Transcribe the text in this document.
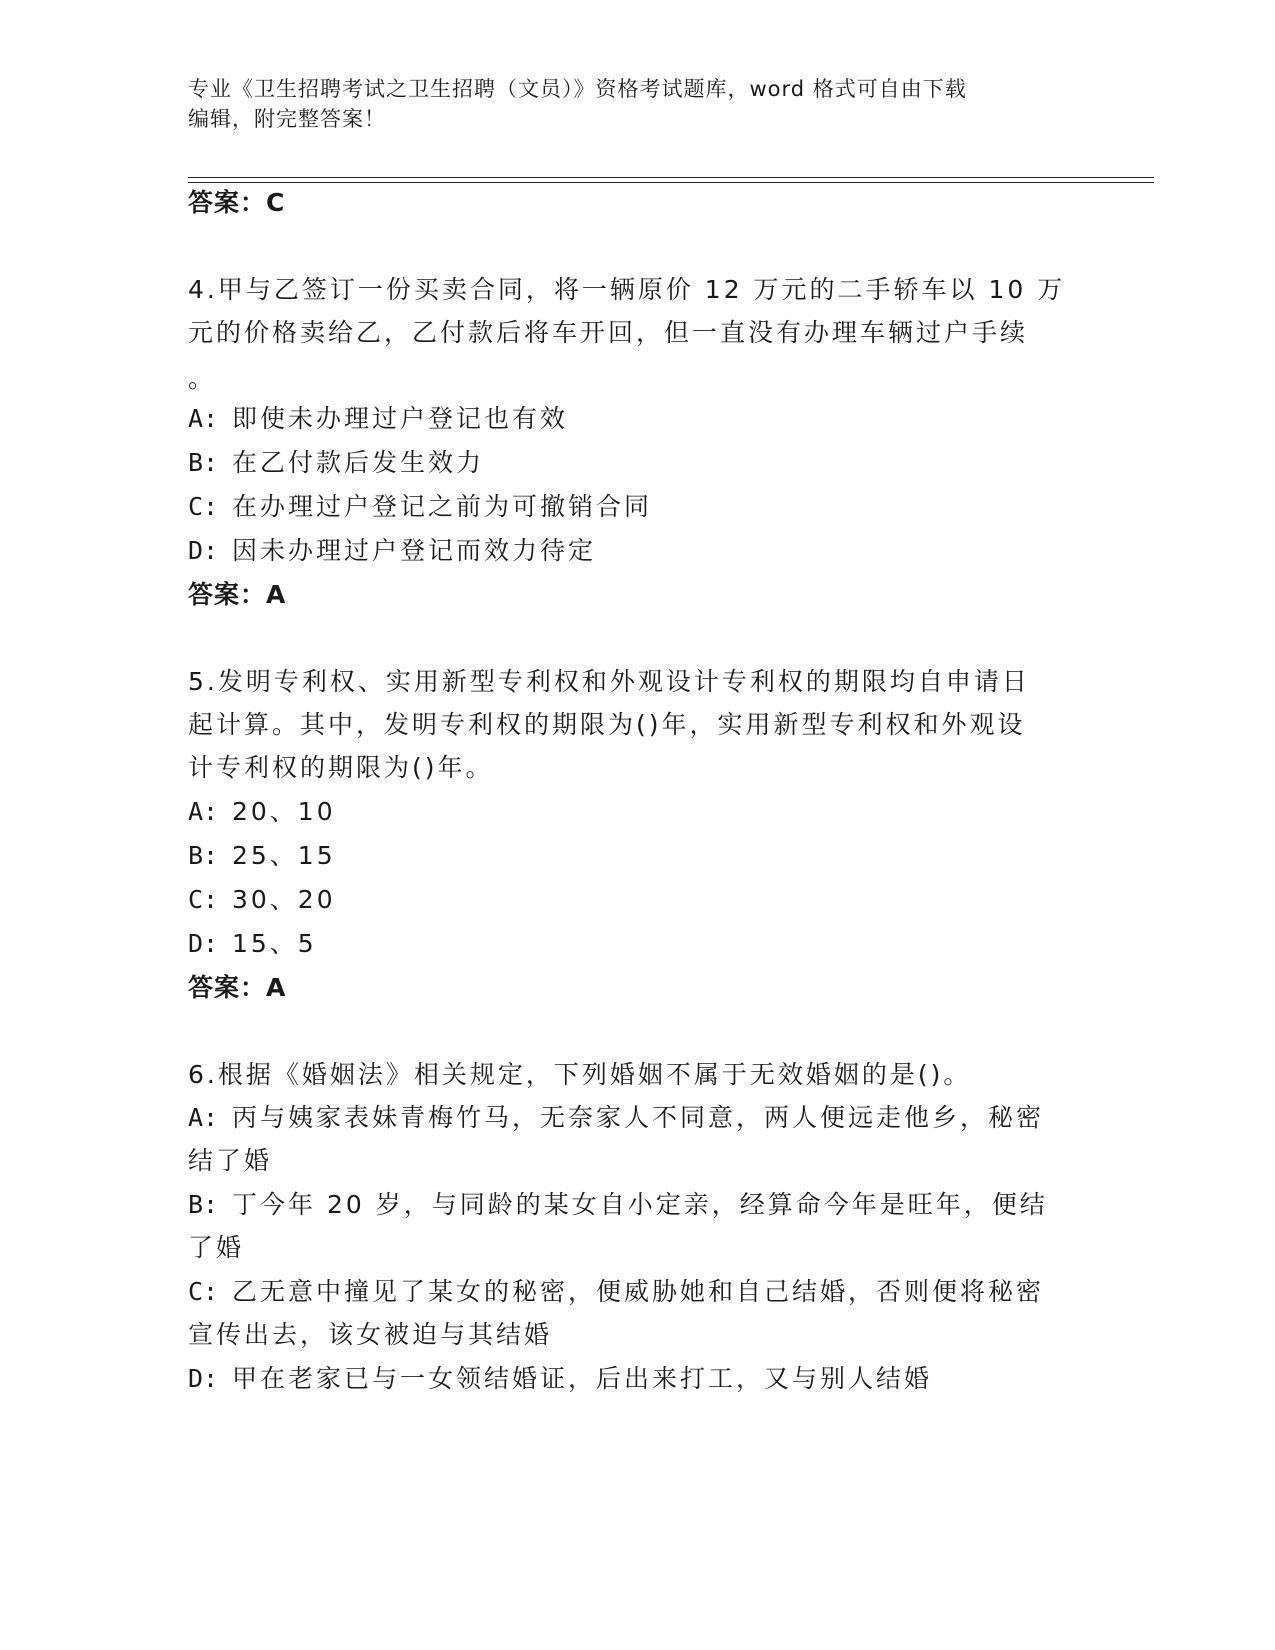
专业《卫生招聘考试之卫生招聘（文员）》资格考试题库，word 格式可自由下载
编辑，附完整答案！
答案：C
4.甲与乙签订一份买卖合同，将一辆原价 12 万元的二手轿车以 10 万
元的价格卖给乙，乙付款后将车开回，但一直没有办理车辆过户手续
。
A: 即使未办理过户登记也有效
B: 在乙付款后发生效力
C: 在办理过户登记之前为可撤销合同
D: 因未办理过户登记而效力待定
答案：A
5.发明专利权、实用新型专利权和外观设计专利权的期限均自申请日
起计算。其中，发明专利权的期限为()年，实用新型专利权和外观设
计专利权的期限为()年。
A: 20、10
B: 25、15
C: 30、20
D: 15、5
答案：A
6.根据《婚姻法》相关规定，下列婚姻不属于无效婚姻的是()。
A: 丙与姨家表妹青梅竹马，无奈家人不同意，两人便远走他乡，秘密
结了婚
B: 丁今年 20 岁，与同龄的某女自小定亲，经算命今年是旺年，便结
了婚
C: 乙无意中撞见了某女的秘密，便威胁她和自己结婚，否则便将秘密
宣传出去，该女被迫与其结婚
D: 甲在老家已与一女领结婚证，后出来打工，又与别人结婚
